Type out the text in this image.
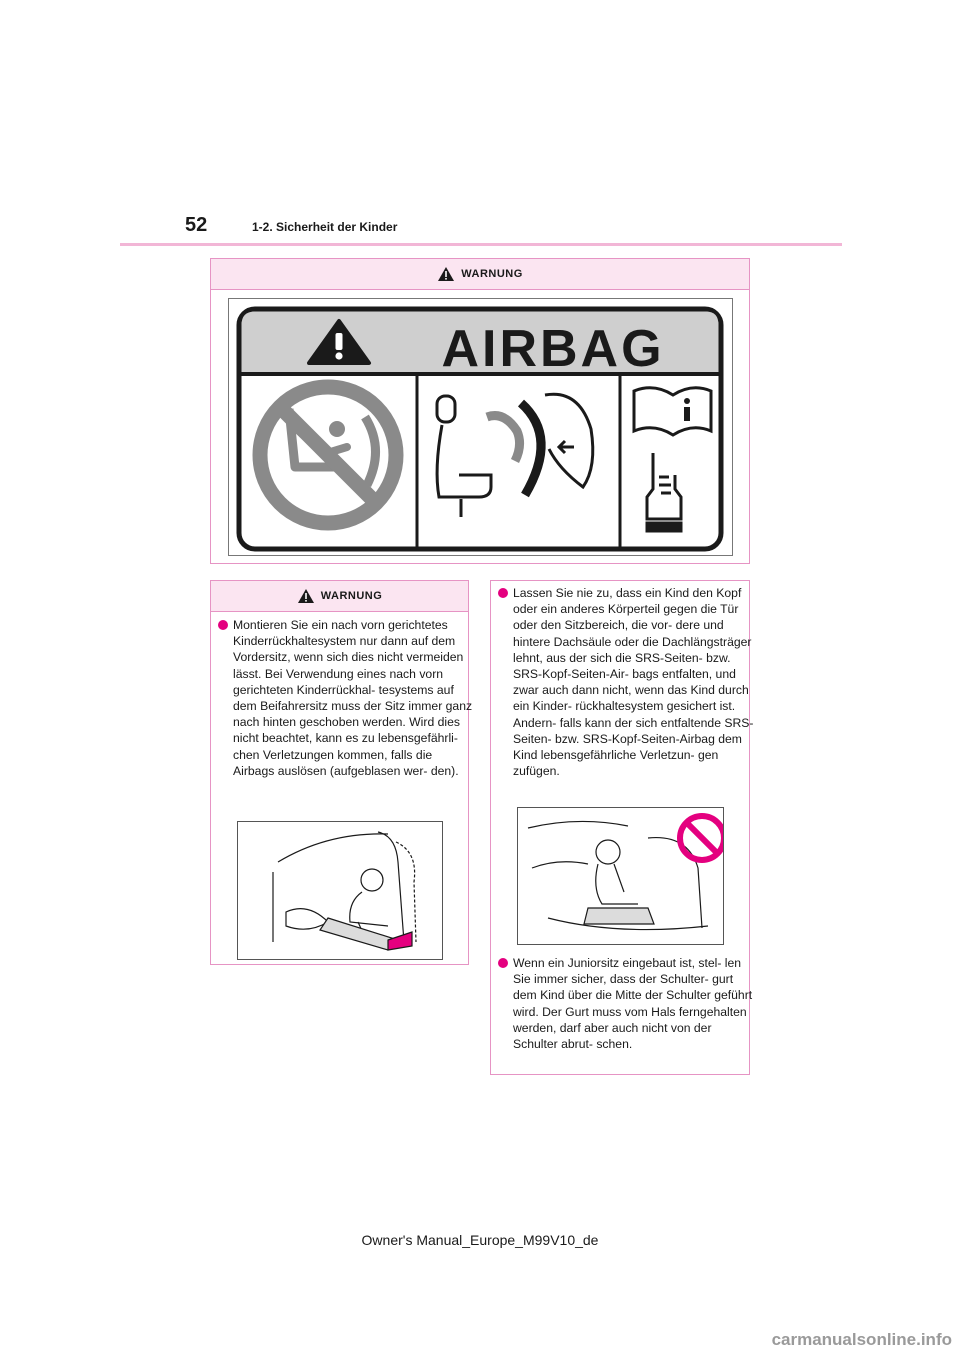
52	1-2. Sicherheit der Kinder
WARNUNG
AIRBAG
WARNUNG
Montieren Sie ein nach vorn gerichtetes Kinderrückhaltesystem nur dann auf dem Vordersitz, wenn sich dies nicht vermeiden lässt. Bei Verwendung eines nach vorn gerichteten Kinderrückhal- tesystems auf dem Beifahrersitz muss der Sitz immer ganz nach hinten geschoben werden. Wird dies nicht beachtet, kann es zu lebensgefährli- chen Verletzungen kommen, falls die Airbags auslösen (aufgeblasen wer- den).
Lassen Sie nie zu, dass ein Kind den Kopf oder ein anderes Körperteil gegen die Tür oder den Sitzbereich, die vor- dere und hintere Dachsäule oder die Dachlängsträger lehnt, aus der sich die SRS-Seiten- bzw. SRS-Kopf-Seiten-Air- bags entfalten, und zwar auch dann nicht, wenn das Kind durch ein Kinder- rückhaltesystem gesichert ist. Andern- falls kann der sich entfaltende SRS- Seiten- bzw. SRS-Kopf-Seiten-Airbag dem Kind lebensgefährliche Verletzun- gen zufügen.
Wenn ein Juniorsitz eingebaut ist, stel- len Sie immer sicher, dass der Schulter- gurt dem Kind über die Mitte der Schulter geführt wird. Der Gurt muss vom Hals ferngehalten werden, darf aber auch nicht von der Schulter abrut- schen.
Owner's Manual_Europe_M99V10_de
carmanualsonline.info
